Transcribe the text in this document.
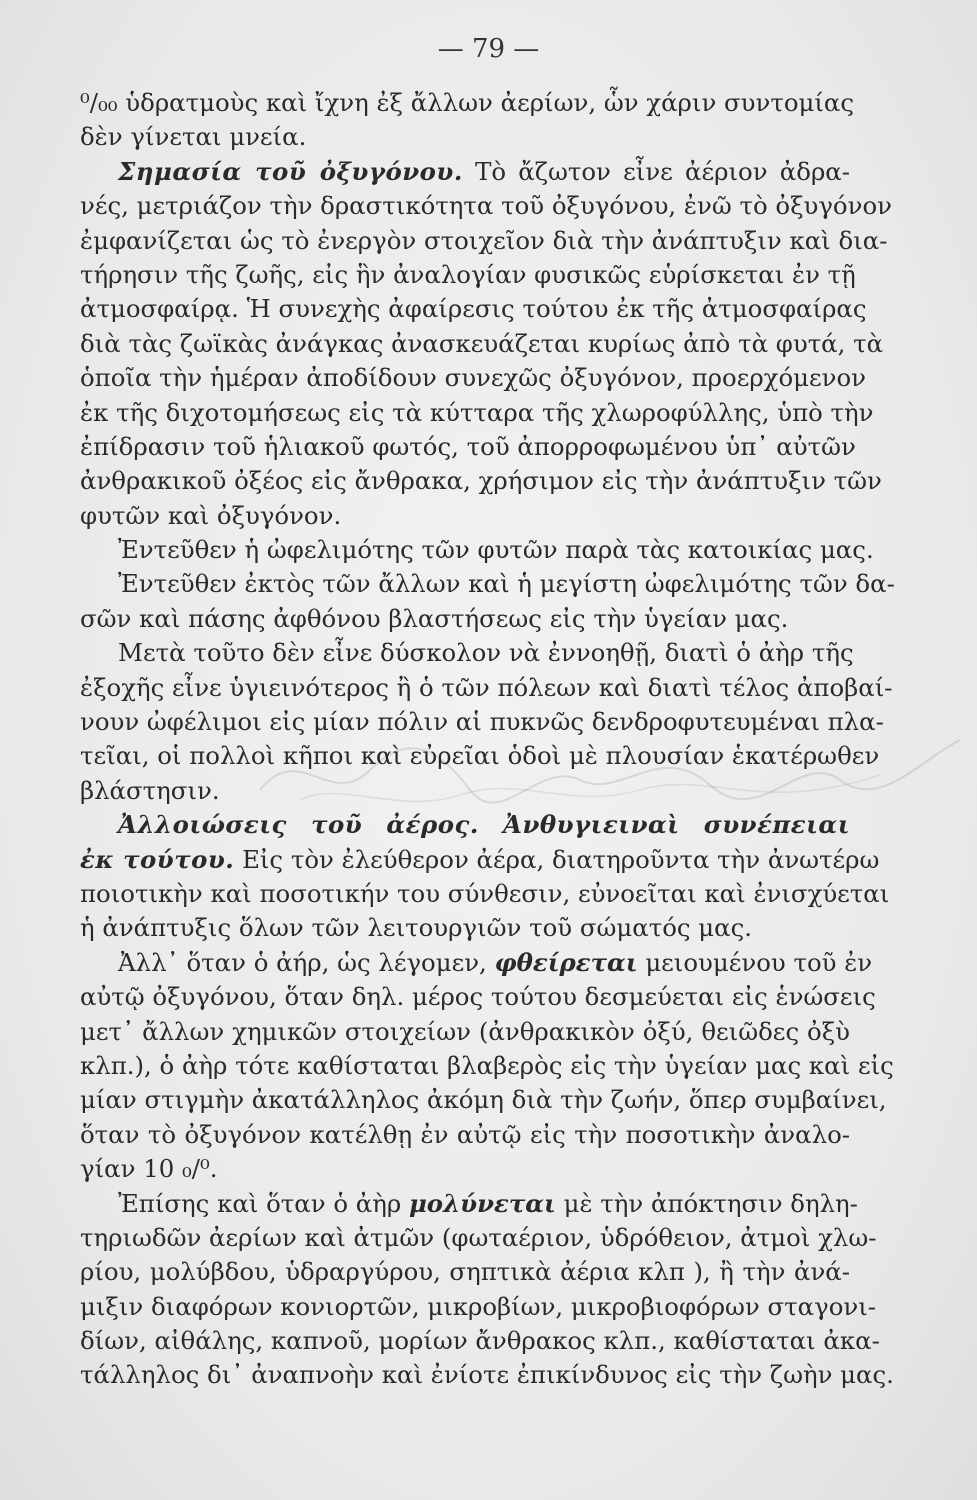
— 79 —
⁰/₀₀ ὑδρατμοὺς καὶ ἴχνη ἐξ ἄλλων ἀερίων, ὧν χάριν συντομίας
δὲν γίνεται μνεία.
Σημασία τοῦ ὀξυγόνου. Τὸ ἄζωτον εἶνε ἀέριον ἀδρα-
νές, μετριάζον τὴν δραστικότητα τοῦ ὀξυγόνου, ἐνῶ τὸ ὀξυγόνον
ἐμφανίζεται ὡς τὸ ἐνεργὸν στοιχεῖον διὰ τὴν ἀνάπτυξιν καὶ δια-
τήρησιν τῆς ζωῆς, εἰς ἣν ἀναλογίαν φυσικῶς εὑρίσκεται ἐν τῇ
ἀτμοσφαίρᾳ. Ἡ συνεχὴς ἀφαίρεσις τούτου ἐκ τῆς ἀτμοσφαίρας
διὰ τὰς ζωϊκὰς ἀνάγκας ἀνασκευάζεται κυρίως ἀπὸ τὰ φυτά, τὰ
ὁποῖα τὴν ἡμέραν ἀποδίδουν συνεχῶς ὀξυγόνον, προερχόμενον
ἐκ τῆς διχοτομήσεως εἰς τὰ κύτταρα τῆς χλωροφύλλης, ὑπὸ τὴν
ἐπίδρασιν τοῦ ἡλιακοῦ φωτός, τοῦ ἀπορροφωμένου ὑπ᾽ αὐτῶν
ἀνθρακικοῦ ὀξέος εἰς ἄνθρακα, χρήσιμον εἰς τὴν ἀνάπτυξιν τῶν
φυτῶν καὶ ὀξυγόνον.
Ἐντεῦθεν ἡ ὠφελιμότης τῶν φυτῶν παρὰ τὰς κατοικίας μας.
Ἐντεῦθεν ἐκτὸς τῶν ἄλλων καὶ ἡ μεγίστη ὠφελιμότης τῶν δα-
σῶν καὶ πάσης ἀφθόνου βλαστήσεως εἰς τὴν ὑγείαν μας.
Μετὰ τοῦτο δὲν εἶνε δύσκολον νὰ ἐννοηθῇ, διατὶ ὁ ἀὴρ τῆς
ἐξοχῆς εἶνε ὑγιεινότερος ἢ ὁ τῶν πόλεων καὶ διατὶ τέλος ἀποβαί-
νουν ὠφέλιμοι εἰς μίαν πόλιν αἱ πυκνῶς δενδροφυτευμέναι πλα-
τεῖαι, οἱ πολλοὶ κῆποι καὶ εὐρεῖαι ὁδοὶ μὲ πλουσίαν ἑκατέρωθεν
βλάστησιν.
Ἀλλοιώσεις τοῦ ἀέρος. Ἀνθυγιειναὶ συνέπειαι
ἐκ τούτου. Εἰς τὸν ἐλεύθερον ἀέρα, διατηροῦντα τὴν ἀνωτέρω
ποιοτικὴν καὶ ποσοτικήν του σύνθεσιν, εὐνοεῖται καὶ ἐνισχύεται
ἡ ἀνάπτυξις ὅλων τῶν λειτουργιῶν τοῦ σώματός μας.
Ἀλλ᾽ ὅταν ὁ ἀήρ, ὡς λέγομεν, φθείρεται μειουμένου τοῦ ἐν
αὐτῷ ὀξυγόνου, ὅταν δηλ. μέρος τούτου δεσμεύεται εἰς ἑνώσεις
μετ᾽ ἄλλων χημικῶν στοιχείων (ἀνθρακικὸν ὀξύ, θειῶδες ὀξὺ
κλπ.), ὁ ἀὴρ τότε καθίσταται βλαβερὸς εἰς τὴν ὑγείαν μας καὶ εἰς
μίαν στιγμὴν ἀκατάλληλος ἀκόμη διὰ τὴν ζωήν, ὅπερ συμβαίνει,
ὅταν τὸ ὀξυγόνον κατέλθῃ ἐν αὐτῷ εἰς τὴν ποσοτικὴν ἀναλο-
γίαν 10 ₀/⁰.
Ἐπίσης καὶ ὅταν ὁ ἀὴρ μολύνεται μὲ τὴν ἀπόκτησιν δηλη-
τηριωδῶν ἀερίων καὶ ἀτμῶν (φωταέριον, ὑδρόθειον, ἀτμοὶ χλω-
ρίου, μολύβδου, ὑδραργύρου, σηπτικὰ ἀέρια κλπ ), ἢ τὴν ἀνά-
μιξιν διαφόρων κονιορτῶν, μικροβίων, μικροβιοφόρων σταγονι-
δίων, αἰθάλης, καπνοῦ, μορίων ἄνθρακος κλπ., καθίσταται ἀκα-
τάλληλος δι᾽ ἀναπνοὴν καὶ ἐνίοτε ἐπικίνδυνος εἰς τὴν ζωὴν μας.
